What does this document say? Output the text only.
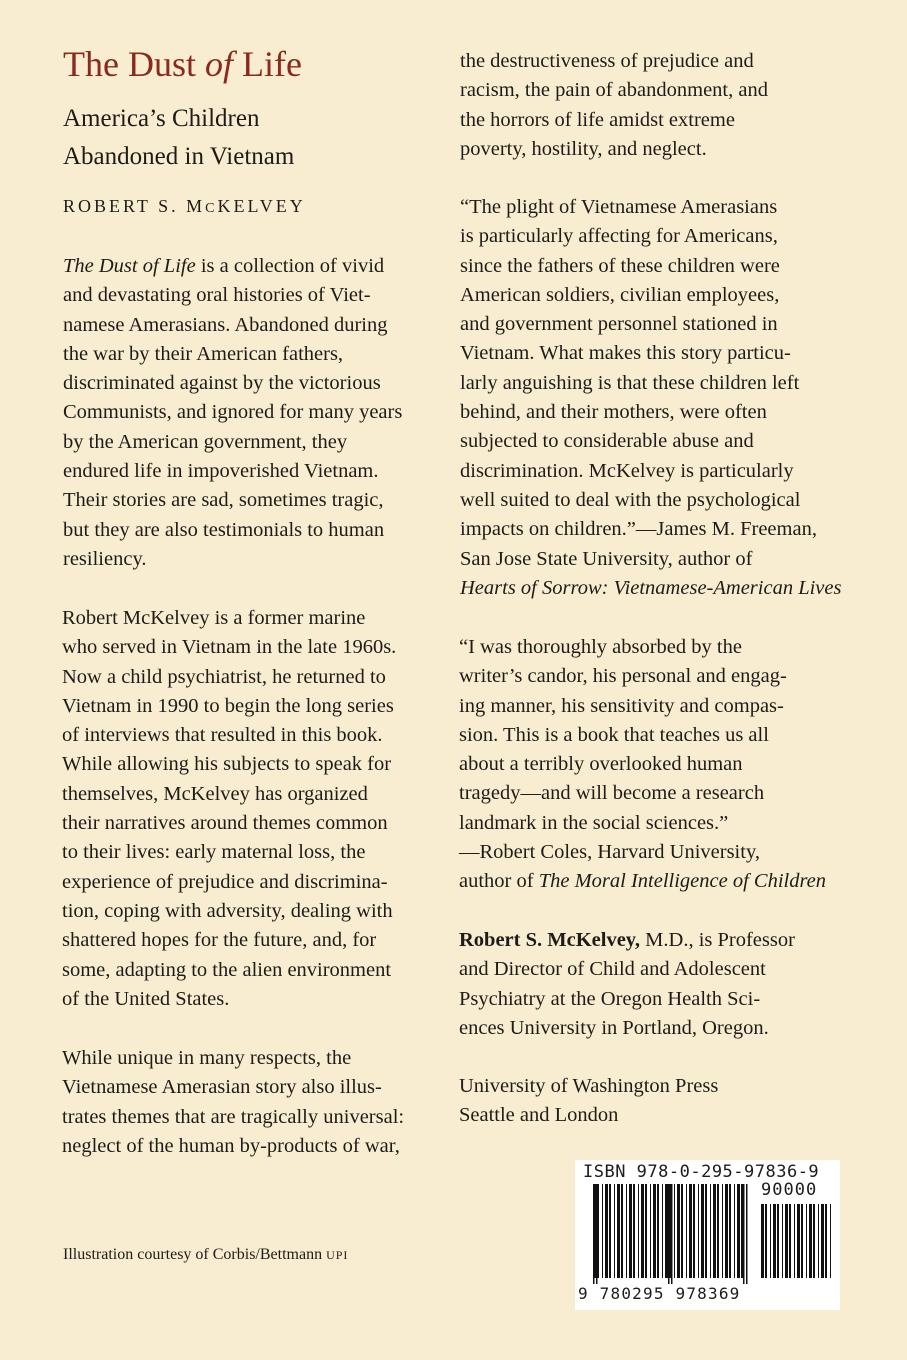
The Dust of Life
America’s Children
Abandoned in Vietnam
ROBERT S. MCKELVEY
The Dust of Life is a collection of vivid
and devastating oral histories of Viet-
namese Amerasians. Abandoned during
the war by their American fathers,
discriminated against by the victorious
Communists, and ignored for many years
by the American government, they
endured life in impoverished Vietnam.
Their stories are sad, sometimes tragic,
but they are also testimonials to human
resiliency.
Robert McKelvey is a former marine
who served in Vietnam in the late 1960s.
Now a child psychiatrist, he returned to
Vietnam in 1990 to begin the long series
of interviews that resulted in this book.
While allowing his subjects to speak for
themselves, McKelvey has organized
their narratives around themes common
to their lives: early maternal loss, the
experience of prejudice and discrimina-
tion, coping with adversity, dealing with
shattered hopes for the future, and, for
some, adapting to the alien environment
of the United States.
While unique in many respects, the
Vietnamese Amerasian story also illus-
trates themes that are tragically universal:
neglect of the human by-products of war,
Illustration courtesy of Corbis/Bettmann UPI
the destructiveness of prejudice and
racism, the pain of abandonment, and
the horrors of life amidst extreme
poverty, hostility, and neglect.
“The plight of Vietnamese Amerasians
is particularly affecting for Americans,
since the fathers of these children were
American soldiers, civilian employees,
and government personnel stationed in
Vietnam. What makes this story particu-
larly anguishing is that these children left
behind, and their mothers, were often
subjected to considerable abuse and
discrimination. McKelvey is particularly
well suited to deal with the psychological
impacts on children.”—James M. Freeman,
San Jose State University, author of
Hearts of Sorrow: Vietnamese-American Lives
“I was thoroughly absorbed by the
writer’s candor, his personal and engag-
ing manner, his sensitivity and compas-
sion. This is a book that teaches us all
about a terribly overlooked human
tragedy—and will become a research
landmark in the social sciences.”
—Robert Coles, Harvard University,
author of The Moral Intelligence of Children
Robert S. McKelvey, M.D., is Professor
and Director of Child and Adolescent
Psychiatry at the Oregon Health Sci-
ences University in Portland, Oregon.
University of Washington Press
Seattle and London
ISBN 978-0-295-97836-9
90000
9 780295 978369
